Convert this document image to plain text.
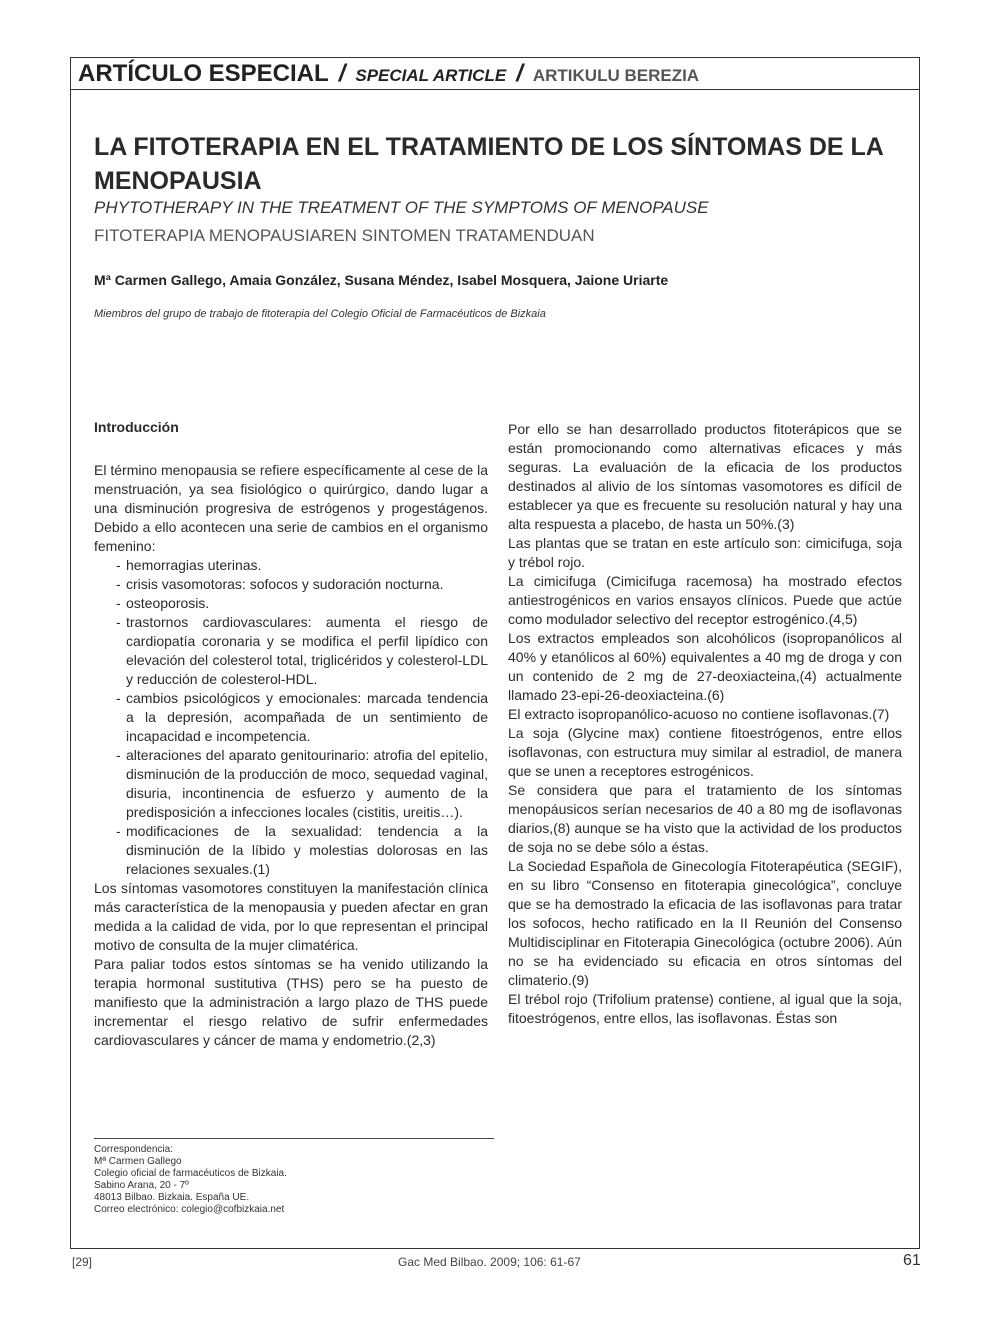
ARTÍCULO ESPECIAL / SPECIAL ARTICLE / ARTIKULU BEREZIA
LA FITOTERAPIA EN EL TRATAMIENTO DE LOS SÍNTOMAS DE LA MENOPAUSIA
PHYTOTHERAPY IN THE TREATMENT OF THE SYMPTOMS OF MENOPAUSE
FITOTERAPIA MENOPAUSIAREN SINTOMEN TRATAMENDUAN
Mª Carmen Gallego, Amaia González, Susana Méndez, Isabel Mosquera, Jaione Uriarte
Miembros del grupo de trabajo de fitoterapia del Colegio Oficial de Farmacéuticos de Bizkaia
Introducción

El término menopausia se refiere específicamente al cese de la menstruación, ya sea fisiológico o quirúrgico, dando lugar a una disminución progresiva de estrógenos y progestágenos. Debido a ello acontecen una serie de cambios en el organismo femenino:

- hemorragias uterinas.
- crisis vasomotoras: sofocos y sudoración nocturna.
- osteoporosis.
- trastornos cardiovasculares: aumenta el riesgo de cardiopatía coronaria y se modifica el perfil lipídico con elevación del colesterol total, triglicéridos y colesterol-LDL y reducción de colesterol-HDL.
- cambios psicológicos y emocionales: marcada tendencia a la depresión, acompañada de un sentimiento de incapacidad e incompetencia.
- alteraciones del aparato genitourinario: atrofia del epitelio, disminución de la producción de moco, sequedad vaginal, disuria, incontinencia de esfuerzo y aumento de la predisposición a infecciones locales (cistitis, ureitis…).
- modificaciones de la sexualidad: tendencia a la disminución de la líbido y molestias dolorosas en las relaciones sexuales.(1)

Los síntomas vasomotores constituyen la manifestación clínica más característica de la menopausia y pueden afectar en gran medida a la calidad de vida, por lo que representan el principal motivo de consulta de la mujer climatérica.

Para paliar todos estos síntomas se ha venido utilizando la terapia hormonal sustitutiva (THS) pero se ha puesto de manifiesto que la administración a largo plazo de THS puede incrementar el riesgo relativo de sufrir enfermedades cardiovasculares y cáncer de mama y endometrio.(2,3)

Por ello se han desarrollado productos fitoterápicos que se están promocionando como alternativas eficaces y más seguras. La evaluación de la eficacia de los productos destinados al alivio de los síntomas vasomotores es difícil de establecer ya que es frecuente su resolución natural y hay una alta respuesta a placebo, de hasta un 50%.(3)

Las plantas que se tratan en este artículo son: cimicifuga, soja y trébol rojo.

La cimicifuga (Cimicifuga racemosa) ha mostrado efectos antiestrogénicos en varios ensayos clínicos. Puede que actúe como modulador selectivo del receptor estrogénico.(4,5)

Los extractos empleados son alcohólicos (isopropanólicos al 40% y etanólicos al 60%) equivalentes a 40 mg de droga y con un contenido de 2 mg de 27-deoxiacteina,(4) actualmente llamado 23-epi-26-deoxiacteina.(6)

El extracto isopropanólico-acuoso no contiene isoflavonas.(7)

La soja (Glycine max) contiene fitoestrógenos, entre ellos isoflavonas, con estructura muy similar al estradiol, de manera que se unen a receptores estrogénicos.

Se considera que para el tratamiento de los síntomas menopáusicos serían necesarios de 40 a 80 mg de isoflavonas diarios,(8) aunque se ha visto que la actividad de los productos de soja no se debe sólo a éstas.

La Sociedad Española de Ginecología Fitoterapéutica (SEGIF), en su libro “Consenso en fitoterapia ginecológica”, concluye que se ha demostrado la eficacia de las isoflavonas para tratar los sofocos, hecho ratificado en la II Reunión del Consenso Multidisciplinar en Fitoterapia Ginecológica (octubre 2006). Aún no se ha evidenciado su eficacia en otros síntomas del climaterio.(9)

El trébol rojo (Trifolium pratense) contiene, al igual que la soja, fitoestrógenos, entre ellos, las isoflavonas. Éstas son

Correspondencia:
Mª Carmen Gallego
Colegio oficial de farmacéuticos de Bizkaia.
Sabino Arana, 20 - 7º
48013 Bilbao. Bizkaia. España UE.
Correo electrónico: colegio@cofbizkaia.net
[29]	Gac Med Bilbao. 2009; 106: 61-67	61
